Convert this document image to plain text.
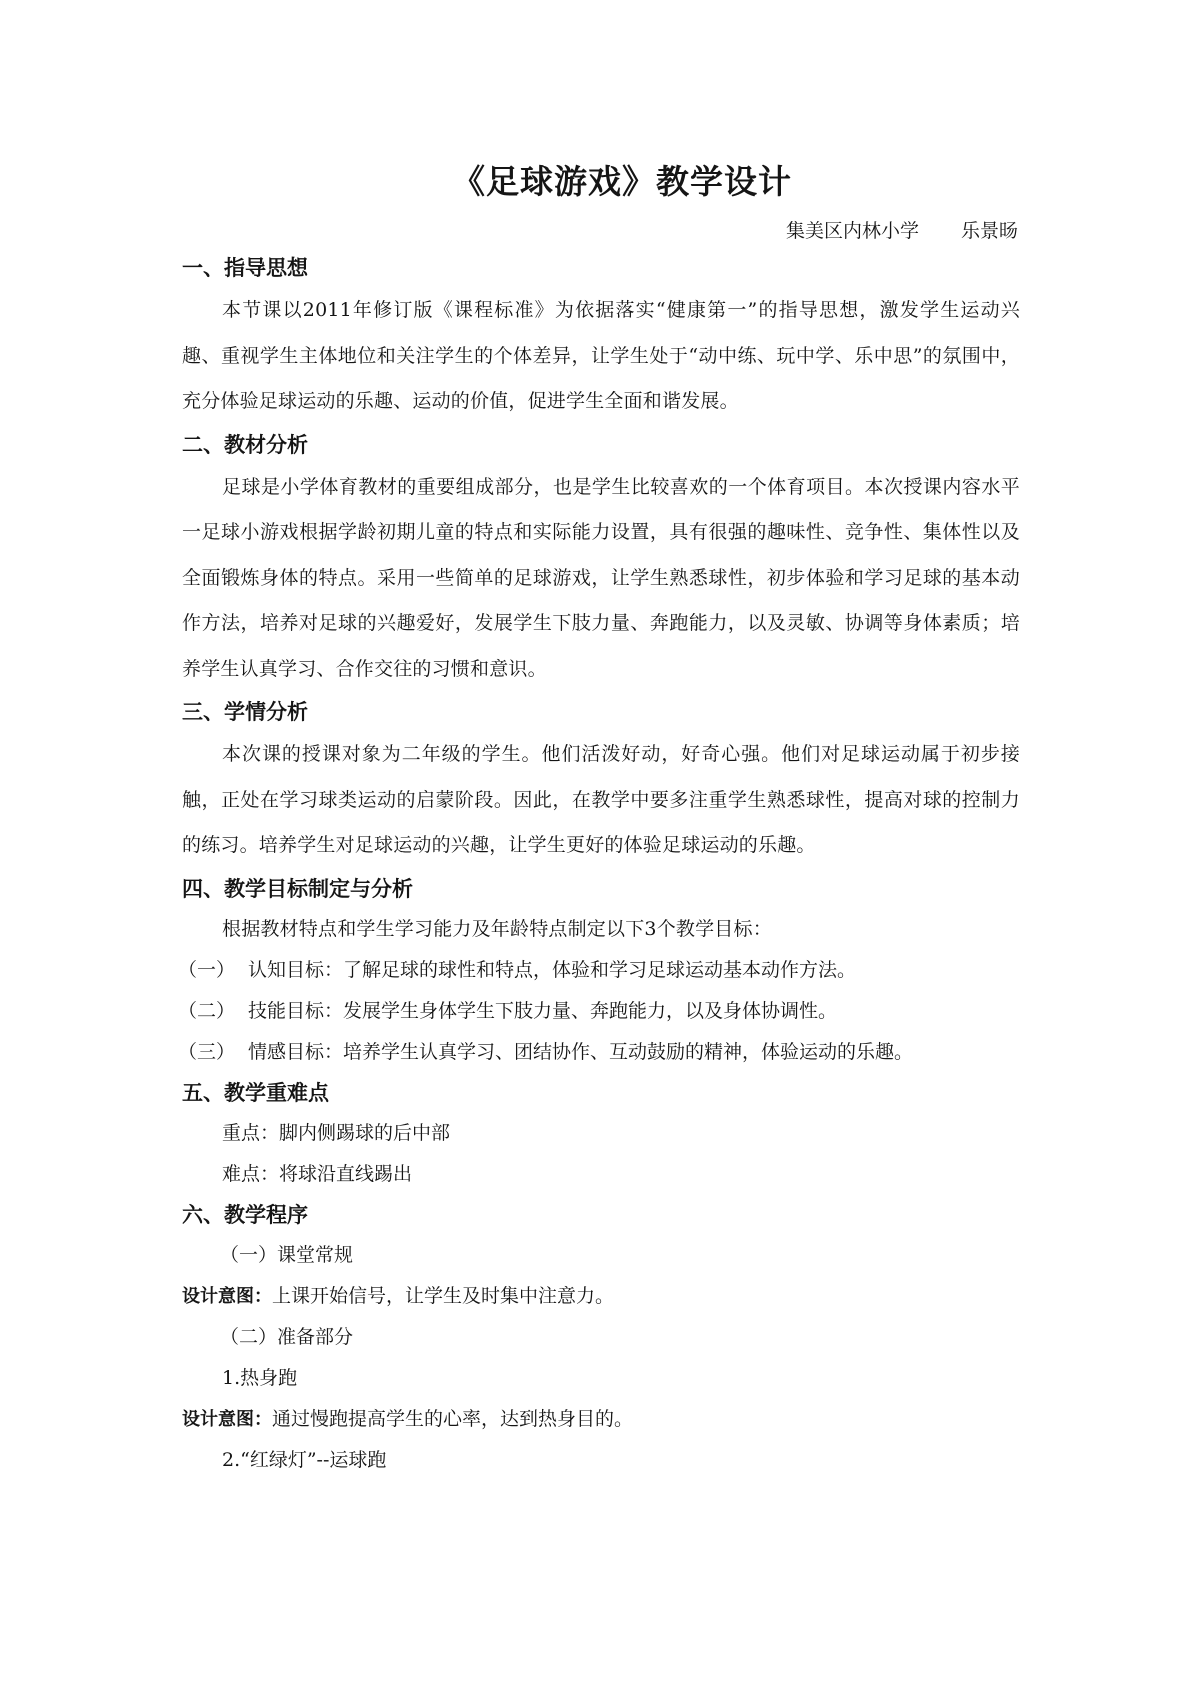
《足球游戏》教学设计
集美区内林小学 乐景旸
一、指导思想

本节课以2011年修订版《课程标准》为依据落实“健康第一”的指导思想，激发学生运动兴趣、重视学生主体地位和关注学生的个体差异，让学生处于“动中练、玩中学、乐中思”的氛围中，充分体验足球运动的乐趣、运动的价值，促进学生全面和谐发展。

二、教材分析

足球是小学体育教材的重要组成部分，也是学生比较喜欢的一个体育项目。本次授课内容水平一足球小游戏根据学龄初期儿童的特点和实际能力设置，具有很强的趣味性、竞争性、集体性以及全面锻炼身体的特点。采用一些简单的足球游戏，让学生熟悉球性，初步体验和学习足球的基本动作方法，培养对足球的兴趣爱好，发展学生下肢力量、奔跑能力，以及灵敏、协调等身体素质；培养学生认真学习、合作交往的习惯和意识。

三、学情分析

本次课的授课对象为二年级的学生。他们活泼好动，好奇心强。他们对足球运动属于初步接触，正处在学习球类运动的启蒙阶段。因此，在教学中要多注重学生熟悉球性，提高对球的控制力的练习。培养学生对足球运动的兴趣，让学生更好的体验足球运动的乐趣。

四、教学目标制定与分析

根据教材特点和学生学习能力及年龄特点制定以下3个教学目标：

（一） 认知目标：了解足球的球性和特点，体验和学习足球运动基本动作方法。

（二） 技能目标：发展学生身体学生下肢力量、奔跑能力，以及身体协调性。

（三） 情感目标：培养学生认真学习、团结协作、互动鼓励的精神，体验运动的乐趣。

五、教学重难点

重点：脚内侧踢球的后中部

难点：将球沿直线踢出

六、教学程序

（一）课堂常规

设计意图：上课开始信号，让学生及时集中注意力。

（二）准备部分

1.热身跑

设计意图：通过慢跑提高学生的心率，达到热身目的。

2.“红绿灯”--运球跑
